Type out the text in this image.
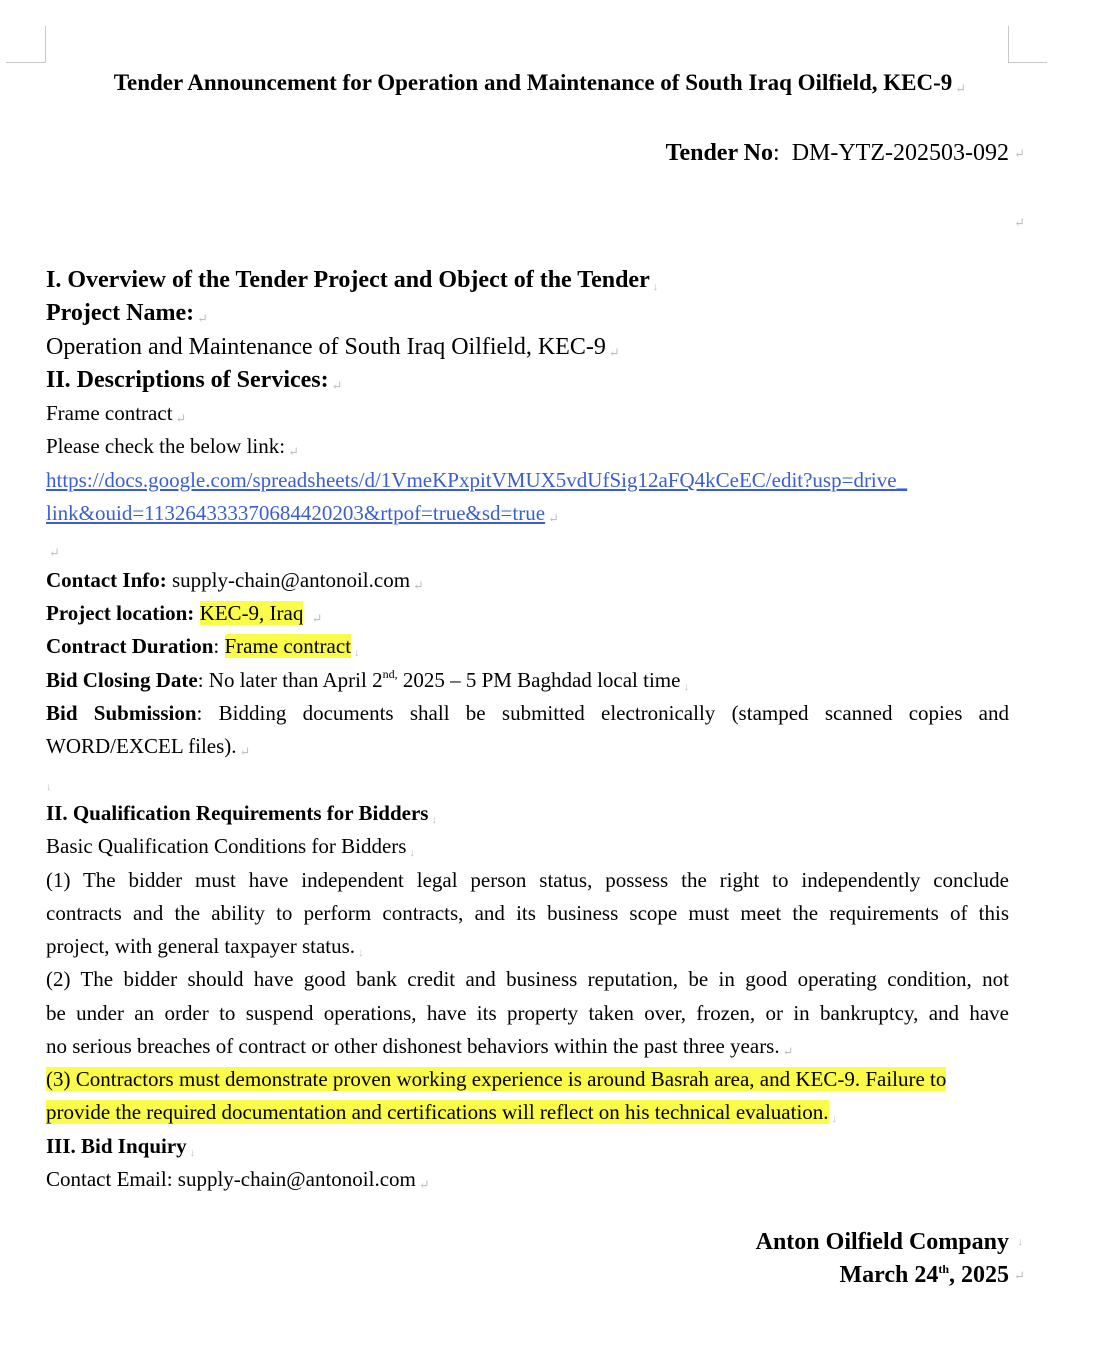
Tender Announcement for Operation and Maintenance of South Iraq Oilfield, KEC-9 ↵
Tender No: DM-YTZ-202503-092 ↵
↵
I. Overview of the Tender Project and Object of the Tender ↓
Project Name: ↵
Operation and Maintenance of South Iraq Oilfield, KEC-9 ↵
II. Descriptions of Services: ↵
Frame contract ↵
Please check the below link: ↵
https://docs.google.com/spreadsheets/d/1VmeKPxpitVMUX5vdUfSig12aFQ4kCeEC/edit?usp=drive_
link&ouid=113264333370684420203&rtpof=true&sd=true ↵
↵
Contact Info: supply-chain@antonoil.com ↵
Project location: KEC-9, Iraq ↵
Contract Duration: Frame contract ↓
Bid Closing Date: No later than April $2^{nd,}$ 2025 – 5 PM Baghdad local time ↓
Bid Submission: Bidding documents shall be submitted electronically (stamped scanned copies and
WORD/EXCEL files). ↵
↓
II. Qualification Requirements for Bidders ↓
Basic Qualification Conditions for Bidders ↓
(1) The bidder must have independent legal person status, possess the right to independently conclude
contracts and the ability to perform contracts, and its business scope must meet the requirements of this
project, with general taxpayer status. ↓
(2) The bidder should have good bank credit and business reputation, be in good operating condition, not
be under an order to suspend operations, have its property taken over, frozen, or in bankruptcy, and have
no serious breaches of contract or other dishonest behaviors within the past three years. ↵
(3) Contractors must demonstrate proven working experience is around Basrah area, and KEC-9. Failure to
provide the required documentation and certifications will reflect on his technical evaluation. ↓
III. Bid Inquiry ↓
Contact Email: supply-chain@antonoil.com ↵
Anton Oilfield Company ↓
March 24th, 2025 ↵
